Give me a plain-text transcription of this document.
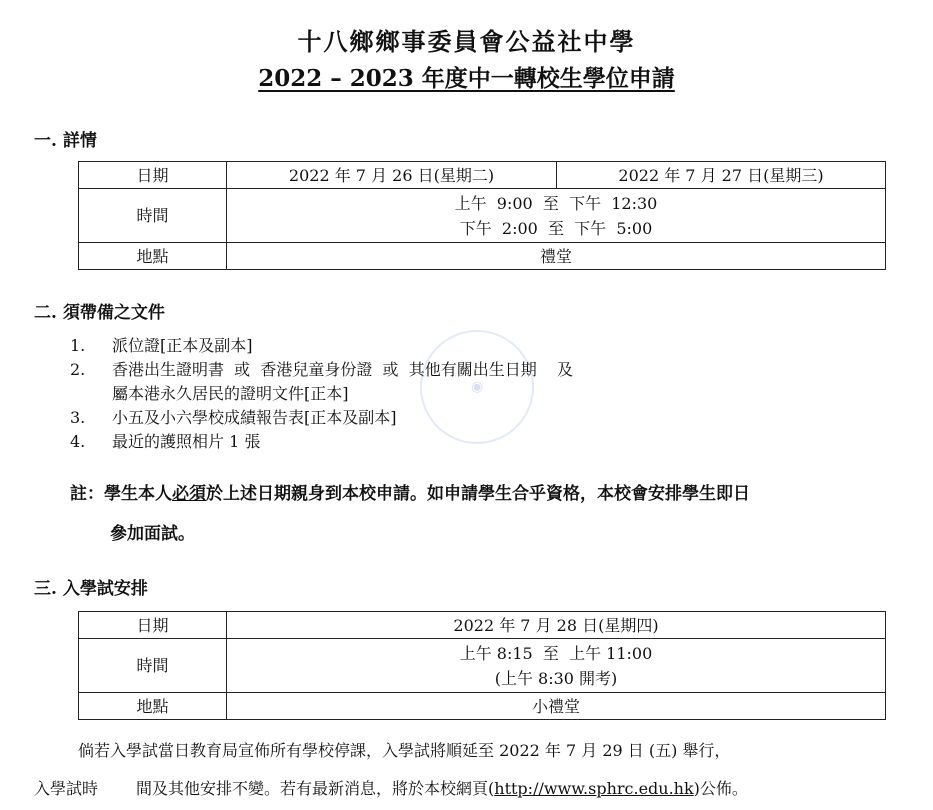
十八鄉鄉事委員會公益社中學
2022 – 2023 年度中一轉校生學位申請
一. 詳情
日期	2022 年 7 月 26 日(星期二)	2022 年 7 月 27 日(星期三)
時間	上午  9:00  至  下午  12:30
下午  2:00  至  下午  5:00	

地點	禮堂	
二. 須帶備之文件
1.	派位證[正本及副本]
2.	香港出生證明書  或  香港兒童身份證  或  其他有關出生日期    及
屬本港永久居民的證明文件[正本]
3.	小五及小六學校成績報告表[正本及副本]
4.	最近的護照相片 1 張
◉
註：學生本人必須於上述日期親身到本校申請。如申請學生合乎資格，本校會安排學生即日
參加面試。
三. 入學試安排
日期	2022 年 7 月 28 日(星期四)
時間	上午 8:15  至  上午 11:00
(上午 8:30 開考)

地點	小禮堂
倘若入學試當日教育局宣佈所有學校停課，入學試將順延至 2022 年 7 月 29 日 (五) 舉行，
入學試時 間及其他安排不變。若有最新消息，將於本校網頁(http://www.sphrc.edu.hk)公佈。
